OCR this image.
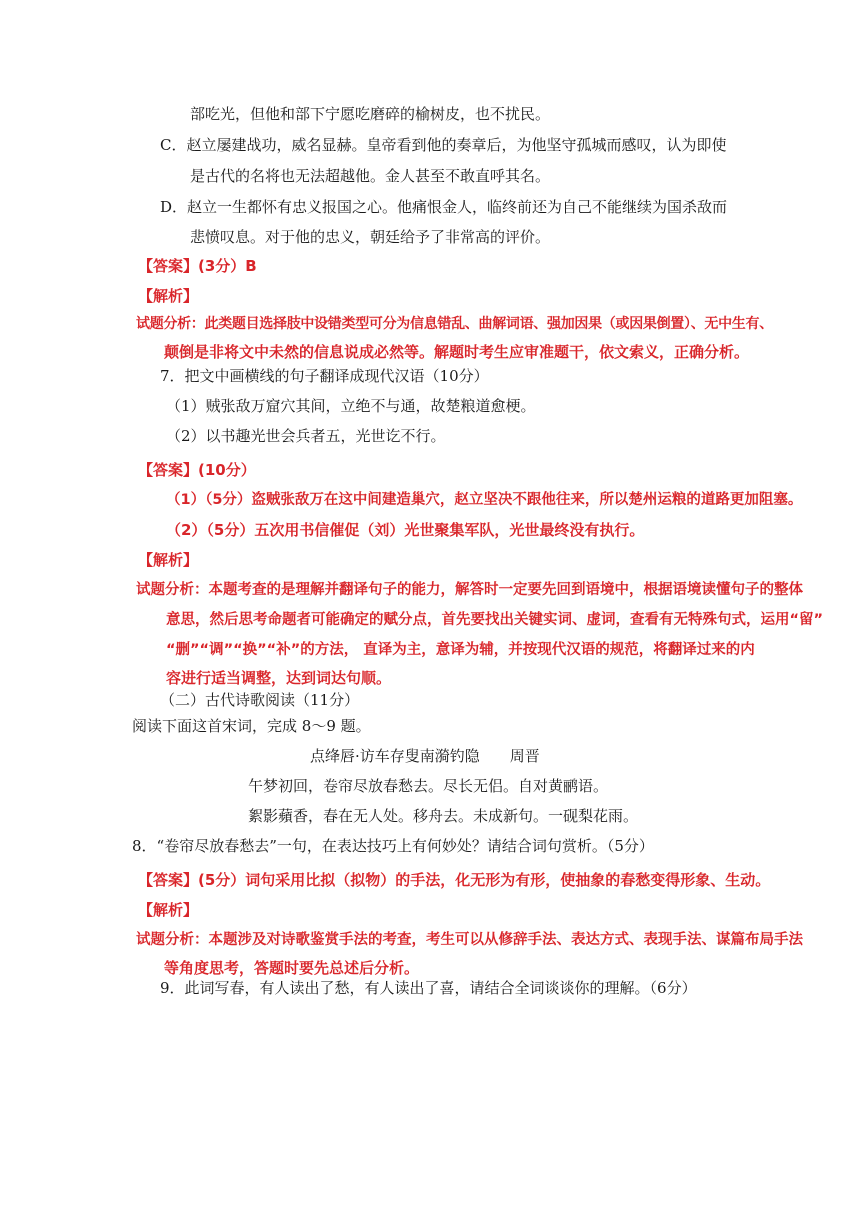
部吃光，但他和部下宁愿吃磨碎的榆树皮，也不扰民。
C．赵立屡建战功，威名显赫。皇帝看到他的奏章后，为他坚守孤城而感叹，认为即使
是古代的名将也无法超越他。金人甚至不敢直呼其名。
D．赵立一生都怀有忠义报国之心。他痛恨金人，临终前还为自己不能继续为国杀敌而
悲愤叹息。对于他的忠义，朝廷给予了非常高的评价。
【答案】(3分）B
【解析】
试题分析：此类题目选择肢中设错类型可分为信息错乱、曲解词语、强加因果（或因果倒置）、无中生有、
颠倒是非将文中未然的信息说成必然等。解题时考生应审准题干，依文索义，正确分析。
7．把文中画横线的句子翻译成现代汉语（10分）
（1）贼张敌万窟穴其间，立绝不与通，故楚粮道愈梗。
（2）以书趣光世会兵者五，光世讫不行。
【答案】(10分）
（1）（5分）盗贼张敌万在这中间建造巢穴，赵立坚决不跟他往来，所以楚州运粮的道路更加阻塞。
（2）（5分）五次用书信催促（刘）光世聚集军队，光世最终没有执行。
【解析】
试题分析：本题考查的是理解并翻译句子的能力，解答时一定要先回到语境中，根据语境读懂句子的整体
意思，然后思考命题者可能确定的赋分点，首先要找出关键实词、虚词，查看有无特殊句式，运用“留”
“删”“调”“换”“补”的方法， 直译为主，意译为辅，并按现代汉语的规范，将翻译过来的内
容进行适当调整，达到词达句顺。
（二）古代诗歌阅读（11分）
阅读下面这首宋词，完成 8～9 题。
点绛唇·访车存叟南漪钓隐　　周晋
午梦初回，卷帘尽放春愁去。尽长无侣。自对黄鹂语。
絮影蘋香，春在无人处。移舟去。未成新句。一砚梨花雨。
8．“卷帘尽放春愁去”一句，在表达技巧上有何妙处？请结合词句赏析。（5分）
【答案】(5分）词句采用比拟（拟物）的手法，化无形为有形，使抽象的春愁变得形象、生动。
【解析】
试题分析：本题涉及对诗歌鉴赏手法的考查，考生可以从修辞手法、表达方式、表现手法、谋篇布局手法
等角度思考，答题时要先总述后分析。
9．此词写春，有人读出了愁，有人读出了喜，请结合全词谈谈你的理解。（6分）
